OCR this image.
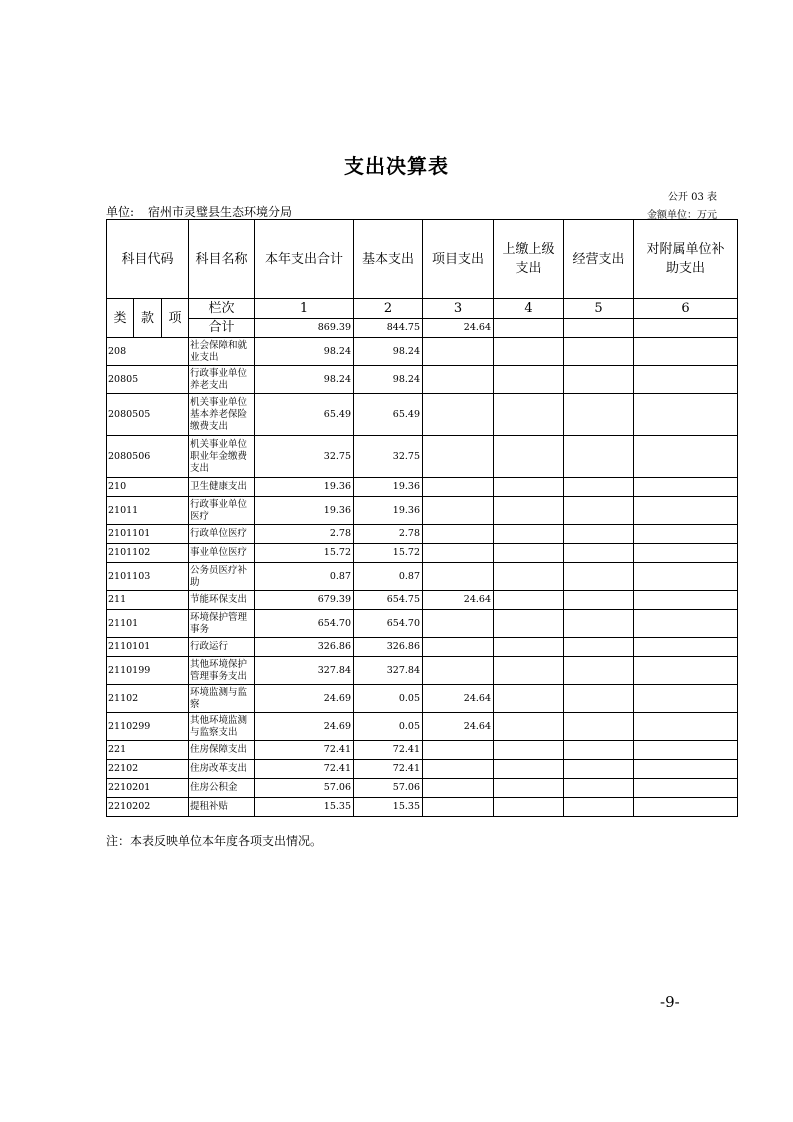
支出决算表
公开 03 表
单位: 宿州市灵璧县生态环境分局	金额单位：万元
科目代码			科目名称	本年支出合计	基本支出	项目支出	上缴上级支出	经营支出	对附属单位补助支出
类	款	项	栏次	1	2	3	4	5	6
			合计	869.39	844.75	24.64			
208			社会保障和就业支出	98.24	98.24				
20805			行政事业单位养老支出	98.24	98.24				
2080505			机关事业单位基本养老保险缴费支出	65.49	65.49				
2080506			机关事业单位职业年金缴费支出	32.75	32.75				
210			卫生健康支出	19.36	19.36				
21011			行政事业单位医疗	19.36	19.36				
2101101			行政单位医疗	2.78	2.78				
2101102			事业单位医疗	15.72	15.72				
2101103			公务员医疗补助	0.87	0.87				
211			节能环保支出	679.39	654.75	24.64			
21101			环境保护管理事务	654.70	654.70				
2110101			行政运行	326.86	326.86				
2110199			其他环境保护管理事务支出	327.84	327.84				
21102			环境监测与监察	24.69	0.05	24.64			
2110299			其他环境监测与监察支出	24.69	0.05	24.64			
221			住房保障支出	72.41	72.41				
22102			住房改革支出	72.41	72.41				
2210201			住房公积金	57.06	57.06				
2210202			提租补贴	15.35	15.35				
注：本表反映单位本年度各项支出情况。
-9-
